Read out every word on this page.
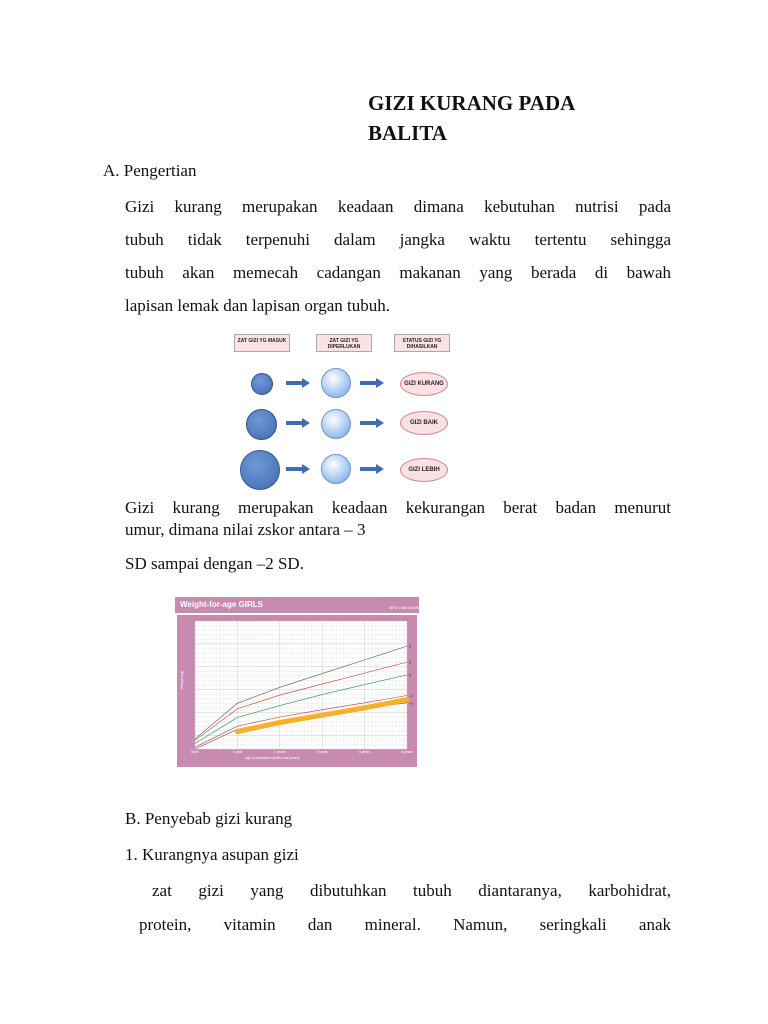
GIZI KURANG PADA
BALITA
A. Pengertian
Gizi kurang merupakan keadaan dimana kebutuhan nutrisi pada
tubuh tidak terpenuhi dalam jangka waktu tertentu sehingga
tubuh akan memecah cadangan makanan yang berada di bawah
lapisan lemak dan lapisan organ tubuh.
ZAT GIZI YG MASUK	ZAT GIZI YG DIPERLUKAN
STATUS GIZI YG DIHASILKAN
GIZI KURANG
GIZI BAIK
GIZI LEBIH
Gizi kurang merupakan keadaan kekurangan berat badan menurut
umur, dimana nilai zskor antara – 3
SD sampai dengan –2 SD.
Weight-for-age GIRLS	WHO Child Growth Standards
3
2
0
-2
-3
Birth	1 year	2 years	3 years	4 years	5 years
Age (completed months and years)
Weight (kg)
B. Penyebab gizi kurang
1. Kurangnya asupan gizi
zat gizi yang dibutuhkan tubuh diantaranya, karbohidrat,
protein, vitamin dan mineral. Namun, seringkali anak
